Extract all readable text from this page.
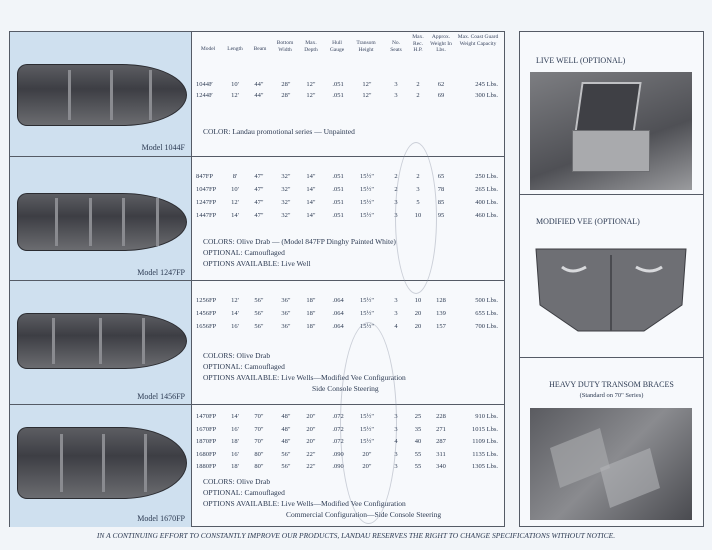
Model 1044F
Model	Length	Beam
Bottom Width
Max. Depth
Hull Gauge
Transom Height
No. Seats
Max. Rec. H.P.
Approx. Weight In Lbs.
Max. Coast Guard Weight Capacity
COLOR: Landau promotional series — Unpainted
1044F	10'	44"	28"	12"	.051	12"	3	2	62	245 Lbs.
1244F	12'	44"	28"	12"	.051	12"	3	2	69	300 Lbs.
Model 1247FP
COLORS: Olive Drab — (Model 847FP Dinghy Painted White)
OPTIONAL: Camouflaged
OPTIONS AVAILABLE: Live Well
847FP	8'	47"	32"	14"	.051	15½"	2	2	65	250 Lbs.
1047FP	10'	47"	32"	14"	.051	15½"	2	3	78	265 Lbs.
1247FP	12'	47"	32"	14"	.051	15½"	3	5	85	400 Lbs.
1447FP	14'	47"	32"	14"	.051	15½"	3	10	95	460 Lbs.
Model 1456FP
COLORS: Olive Drab
OPTIONAL: Camouflaged
OPTIONS AVAILABLE: Live Wells—Modified Vee Configuration
Side Console Steering
1256FP	12'	56"	36"	18"	.064	15½"	3	10	128	500 Lbs.
1456FP	14'	56"	36"	18"	.064	15½"	3	20	139	655 Lbs.
1656FP	16'	56"	36"	18"	.064	15½"	4	20	157	700 Lbs.
Model 1670FP
COLORS: Olive Drab
OPTIONAL: Camouflaged
OPTIONS AVAILABLE: Live Wells—Modified Vee Configuration
Commercial Configuration—Side Console Steering
1470FP	14'	70"	48"	20"	.072	15½"	3	25	228	910 Lbs.
1670FP	16'	70"	48"	20"	.072	15½"	3	35	271	1015 Lbs.
1870FP	18'	70"	48"	20"	.072	15½"	4	40	287	1109 Lbs.
1680FP	16'	80"	56"	22"	.090	20"	3	55	311	1135 Lbs.
1880FP	18'	80"	56"	22"	.090	20"	3	55	340	1305 Lbs.
LIVE WELL (OPTIONAL)
MODIFIED VEE (OPTIONAL)
HEAVY DUTY TRANSOM BRACES
(Standard on 70" Series)
IN A CONTINUING EFFORT TO CONSTANTLY IMPROVE OUR PRODUCTS, LANDAU RESERVES THE RIGHT TO CHANGE SPECIFICATIONS WITHOUT NOTICE.
